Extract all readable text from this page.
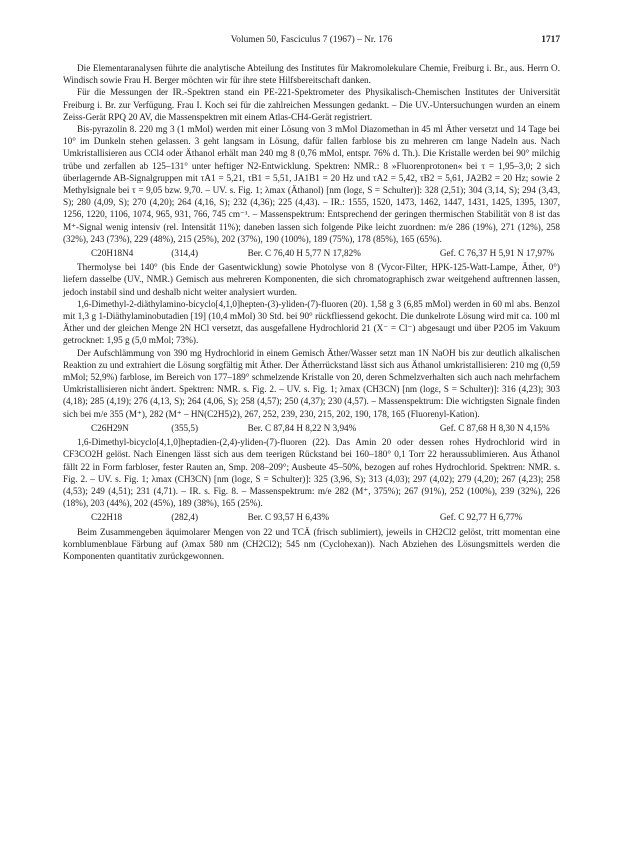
Volumen 50, Fasciculus 7 (1967) – Nr. 176	1717

Die Elementaranalysen führte die analytische Abteilung des Institutes für Makromolekulare Chemie, Freiburg i. Br., aus. Herrn O. Windisch sowie Frau H. Berger möchten wir für ihre stete Hilfsbereitschaft danken.

Für die Messungen der IR.-Spektren stand ein PE-221-Spektrometer des Physikalisch-Chemischen Institutes der Universität Freiburg i. Br. zur Verfügung. Frau I. Koch sei für die zahlreichen Messungen gedankt. – Die UV.-Untersuchungen wurden an einem Zeiss-Gerät RPQ 20 AV, die Massenspektren mit einem Atlas-CH4-Gerät registriert.

Bis-pyrazolin 8. 220 mg 3 (1 mMol) werden mit einer Lösung von 3 mMol Diazomethan in 45 ml Äther versetzt und 14 Tage bei 10° im Dunkeln stehen gelassen. 3 geht langsam in Lösung, dafür fallen farblose bis zu mehreren cm lange Nadeln aus. Nach Umkristallisieren aus CCl4 oder Äthanol erhält man 240 mg 8 (0,76 mMol, entspr. 76% d. Th.). Die Kristalle werden bei 90° milchig trübe und zerfallen ab 125–131° unter heftiger N2-Entwicklung. Spektren: NMR.: 8 »Fluorenprotonen« bei τ = 1,95–3,0; 2 sich überlagernde AB-Signalgruppen mit τA1 = 5,21, τB1 = 5,51, JA1B1 = 20 Hz und τA2 = 5,42, τB2 = 5,61, JA2B2 = 20 Hz; sowie 2 Methylsignale bei τ = 9,05 bzw. 9,70. – UV. s. Fig. 1; λmax (Äthanol) [nm (logε, S = Schulter)]: 328 (2,51); 304 (3,14, S); 294 (3,43, S); 280 (4,09, S); 270 (4,20); 264 (4,16, S); 232 (4,36); 225 (4,43). – IR.: 1555, 1520, 1473, 1462, 1447, 1431, 1425, 1395, 1307, 1256, 1220, 1106, 1074, 965, 931, 766, 745 cm⁻¹. – Massenspektrum: Entsprechend der geringen thermischen Stabilität von 8 ist das M⁺-Signal wenig intensiv (rel. Intensität 11%); daneben lassen sich folgende Pike leicht zuordnen: m/e 286 (19%), 271 (12%), 258 (32%), 243 (73%), 229 (48%), 215 (25%), 202 (37%), 190 (100%), 189 (75%), 178 (85%), 165 (65%).

C20H18N4	(314,4)	Ber. C 76,40 H 5,77 N 17,82%	Gef. C 76,37 H 5,91 N 17,97%

Thermolyse bei 140° (bis Ende der Gasentwicklung) sowie Photolyse von 8 (Vycor-Filter, HPK-125-Watt-Lampe, Äther, 0°) liefern dasselbe (UV., NMR.) Gemisch aus mehreren Komponenten, die sich chromatographisch zwar weitgehend auftrennen lassen, jedoch instabil sind und deshalb nicht weiter analysiert wurden.

1,6-Dimethyl-2-diäthylamino-bicyclo[4,1,0]hepten-(3)-yliden-(7)-fluoren (20). 1,58 g 3 (6,85 mMol) werden in 60 ml abs. Benzol mit 1,3 g 1-Diäthylaminobutadien [19] (10,4 mMol) 30 Std. bei 90° rückfliessend gekocht. Die dunkelrote Lösung wird mit ca. 100 ml Äther und der gleichen Menge 2N HCl versetzt, das ausgefallene Hydrochlorid 21 (X⁻ = Cl⁻) abgesaugt und über P2O5 im Vakuum getrocknet: 1,95 g (5,0 mMol; 73%).

Der Aufschlämmung von 390 mg Hydrochlorid in einem Gemisch Äther/Wasser setzt man 1N NaOH bis zur deutlich alkalischen Reaktion zu und extrahiert die Lösung sorgfältig mit Äther. Der Ätherrückstand lässt sich aus Äthanol umkristallisieren: 210 mg (0,59 mMol; 52,9%) farblose, im Bereich von 177–189° schmelzende Kristalle von 20, deren Schmelzverhalten sich auch nach mehrfachem Umkristallisieren nicht ändert. Spektren: NMR. s. Fig. 2. – UV. s. Fig. 1; λmax (CH3CN) [nm (logε, S = Schulter)]: 316 (4,23); 303 (4,18); 285 (4,19); 276 (4,13, S); 264 (4,06, S); 258 (4,57); 250 (4,37); 230 (4,57). – Massenspektrum: Die wichtigsten Signale finden sich bei m/e 355 (M⁺), 282 (M⁺ – HN(C2H5)2), 267, 252, 239, 230, 215, 202, 190, 178, 165 (Fluorenyl-Kation).

C26H29N	(355,5)	Ber. C 87,84 H 8,22 N 3,94%	Gef. C 87,68 H 8,30 N 4,15%

1,6-Dimethyl-bicyclo[4,1,0]heptadien-(2,4)-yliden-(7)-fluoren (22). Das Amin 20 oder dessen rohes Hydrochlorid wird in CF3CO2H gelöst. Nach Einengen lässt sich aus dem teerigen Rückstand bei 160–180° 0,1 Torr 22 heraussublimieren. Aus Äthanol fällt 22 in Form farbloser, fester Rauten an, Smp. 208–209°; Ausbeute 45–50%, bezogen auf rohes Hydrochlorid. Spektren: NMR. s. Fig. 2. – UV. s. Fig. 1; λmax (CH3CN) [nm (logε, S = Schulter)]: 325 (3,96, S); 313 (4,03); 297 (4,02); 279 (4,20); 267 (4,23); 258 (4,53); 249 (4,51); 231 (4,71). – IR. s. Fig. 8. – Massenspektrum: m/e 282 (M⁺, 375%); 267 (91%), 252 (100%), 239 (32%), 226 (18%), 203 (44%), 202 (45%), 189 (38%), 165 (25%).

C22H18	(282,4)	Ber. C 93,57 H 6,43%	Gef. C 92,77 H 6,77%

Beim Zusammengeben äquimolarer Mengen von 22 und TCÄ (frisch sublimiert), jeweils in CH2Cl2 gelöst, tritt momentan eine kornblumenblaue Färbung auf (λmax 580 nm (CH2Cl2); 545 nm (Cyclohexan)). Nach Abziehen des Lösungsmittels werden die Komponenten quantitativ zurückgewonnen.
